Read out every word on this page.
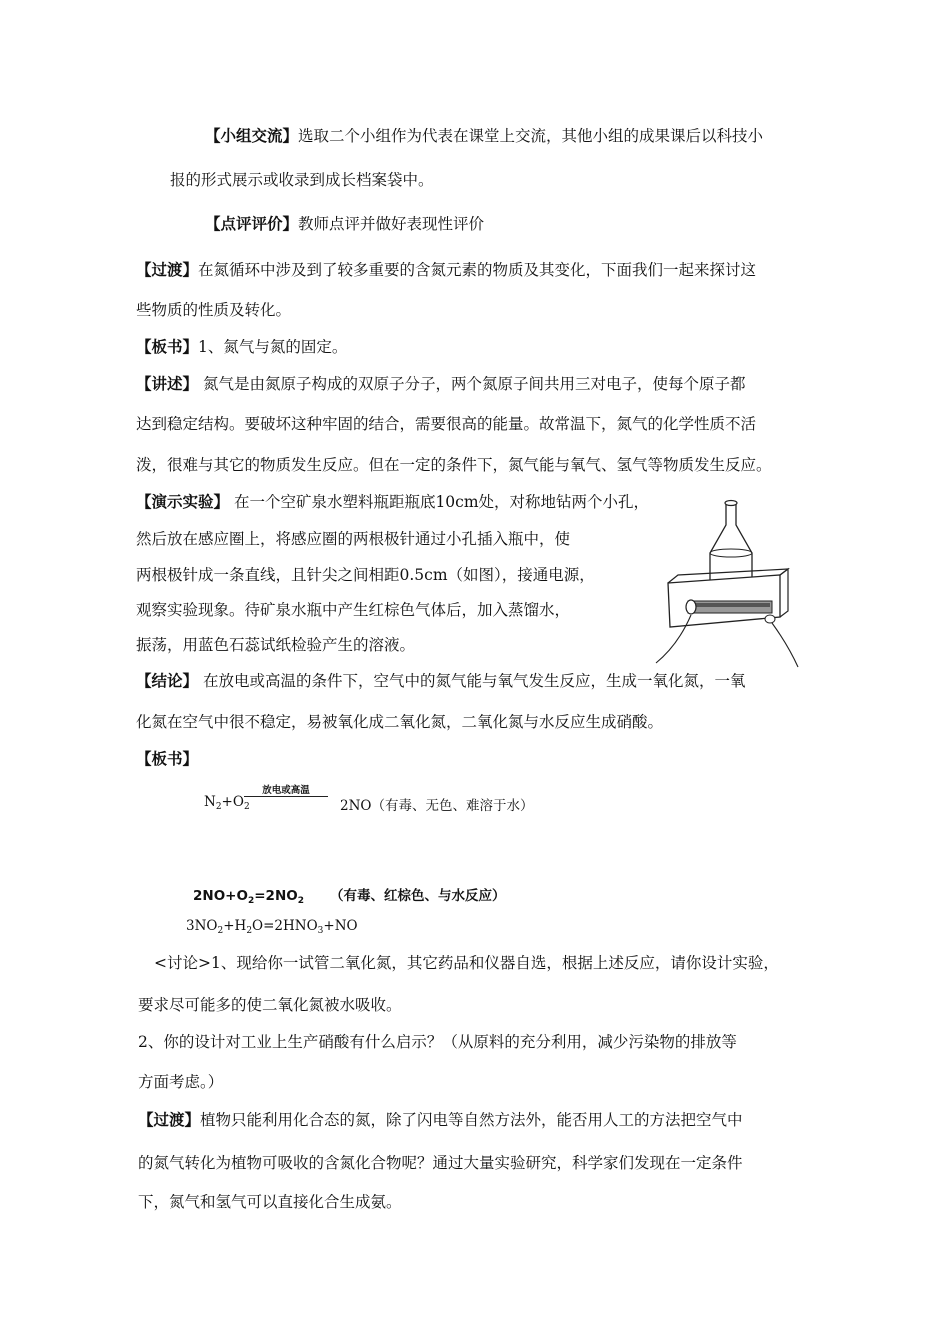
【小组交流】选取二个小组作为代表在课堂上交流，其他小组的成果课后以科技小
报的形式展示或收录到成长档案袋中。
【点评评价】教师点评并做好表现性评价
【过渡】在氮循环中涉及到了较多重要的含氮元素的物质及其变化，下面我们一起来探讨这
些物质的性质及转化。
【板书】1、氮气与氮的固定。
【讲述】 氮气是由氮原子构成的双原子分子，两个氮原子间共用三对电子，使每个原子都
达到稳定结构。要破坏这种牢固的结合，需要很高的能量。故常温下，氮气的化学性质不活
泼，很难与其它的物质发生反应。但在一定的条件下，氮气能与氧气、氢气等物质发生反应。
【演示实验】 在一个空矿泉水塑料瓶距瓶底10cm处，对称地钻两个小孔，
然后放在感应圈上，将感应圈的两根极针通过小孔插入瓶中，使
两根极针成一条直线，且针尖之间相距0.5cm（如图），接通电源，
观察实验现象。待矿泉水瓶中产生红棕色气体后，加入蒸馏水，
振荡，用蓝色石蕊试纸检验产生的溶液。
【结论】 在放电或高温的条件下，空气中的氮气能与氧气发生反应，生成一氧化氮，一氧
化氮在空气中很不稳定，易被氧化成二氧化氮，二氧化氮与水反应生成硝酸。
【板书】
$N_2+O_2$
放电或高温
2NO（有毒、无色、难溶于水）
$2NO+O_2=2NO_2$ （有毒、红棕色、与水反应）
$3NO_2+H_2O=2HNO_3+NO$
<讨论>1、现给你一试管二氧化氮，其它药品和仪器自选，根据上述反应，请你设计实验，
要求尽可能多的使二氧化氮被水吸收。
2、你的设计对工业上生产硝酸有什么启示？（从原料的充分利用，减少污染物的排放等
方面考虑。）
【过渡】植物只能利用化合态的氮，除了闪电等自然方法外，能否用人工的方法把空气中
的氮气转化为植物可吸收的含氮化合物呢？通过大量实验研究，科学家们发现在一定条件
下，氮气和氢气可以直接化合生成氨。
